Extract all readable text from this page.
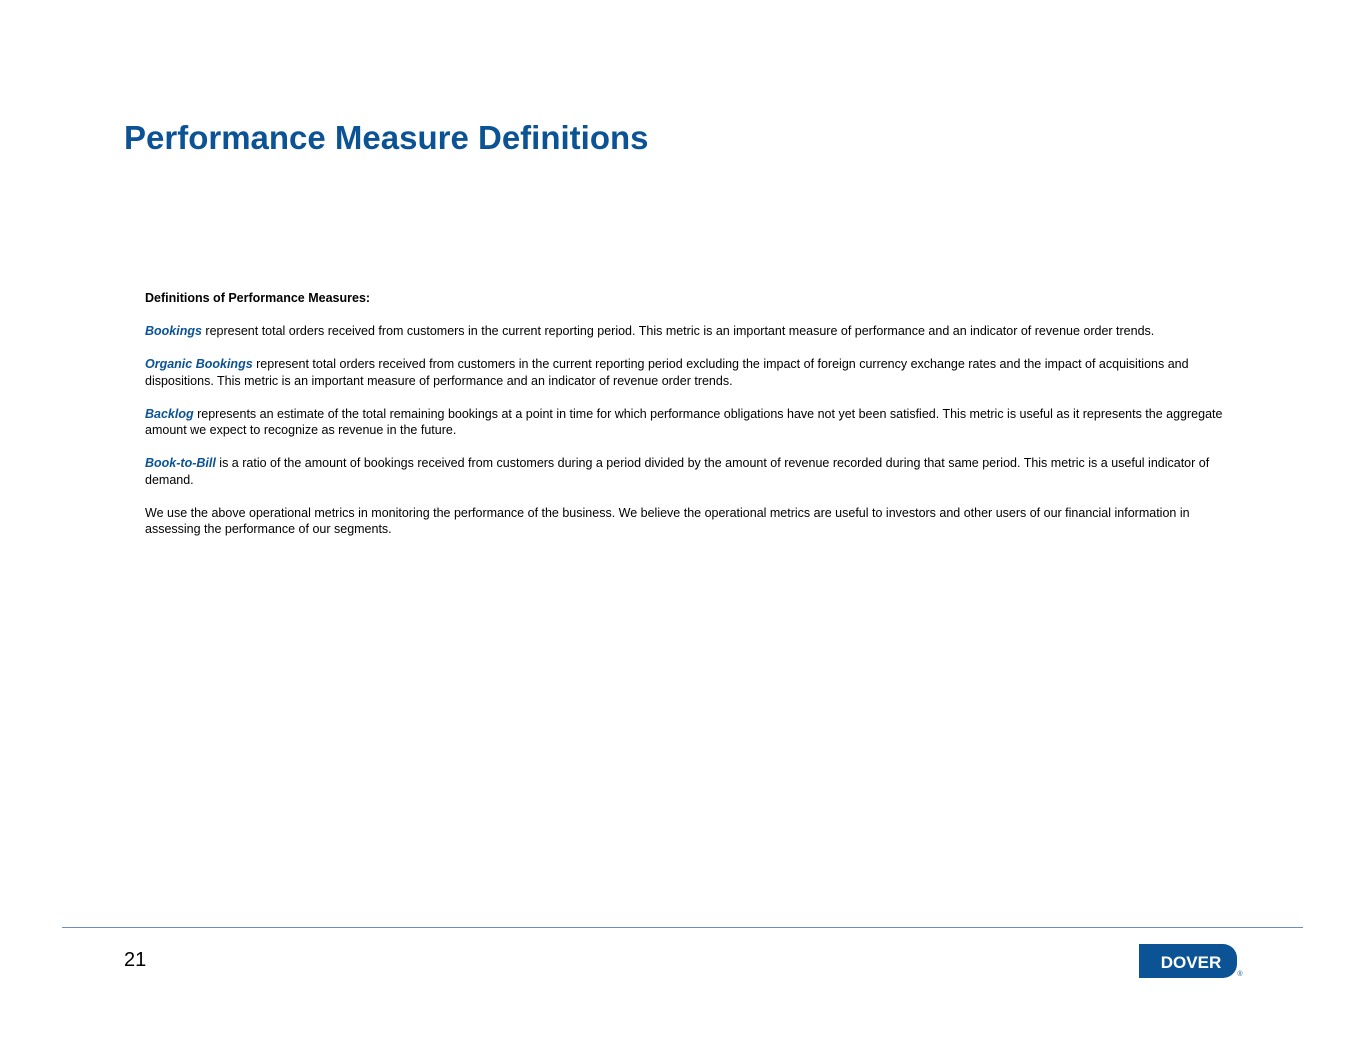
Performance Measure Definitions

Definitions of Performance Measures:

Bookings represent total orders received from customers in the current reporting period. This metric is an important measure of performance and an indicator of revenue order trends.

Organic Bookings represent total orders received from customers in the current reporting period excluding the impact of foreign currency exchange rates and the impact of acquisitions and dispositions. This metric is an important measure of performance and an indicator of revenue order trends.

Backlog represents an estimate of the total remaining bookings at a point in time for which performance obligations have not yet been satisfied. This metric is useful as it represents the aggregate amount we expect to recognize as revenue in the future.

Book-to-Bill is a ratio of the amount of bookings received from customers during a period divided by the amount of revenue recorded during that same period. This metric is a useful indicator of demand.

We use the above operational metrics in monitoring the performance of the business. We believe the operational metrics are useful to investors and other users of our financial information in assessing the performance of our segments.

21	DOVER
®
